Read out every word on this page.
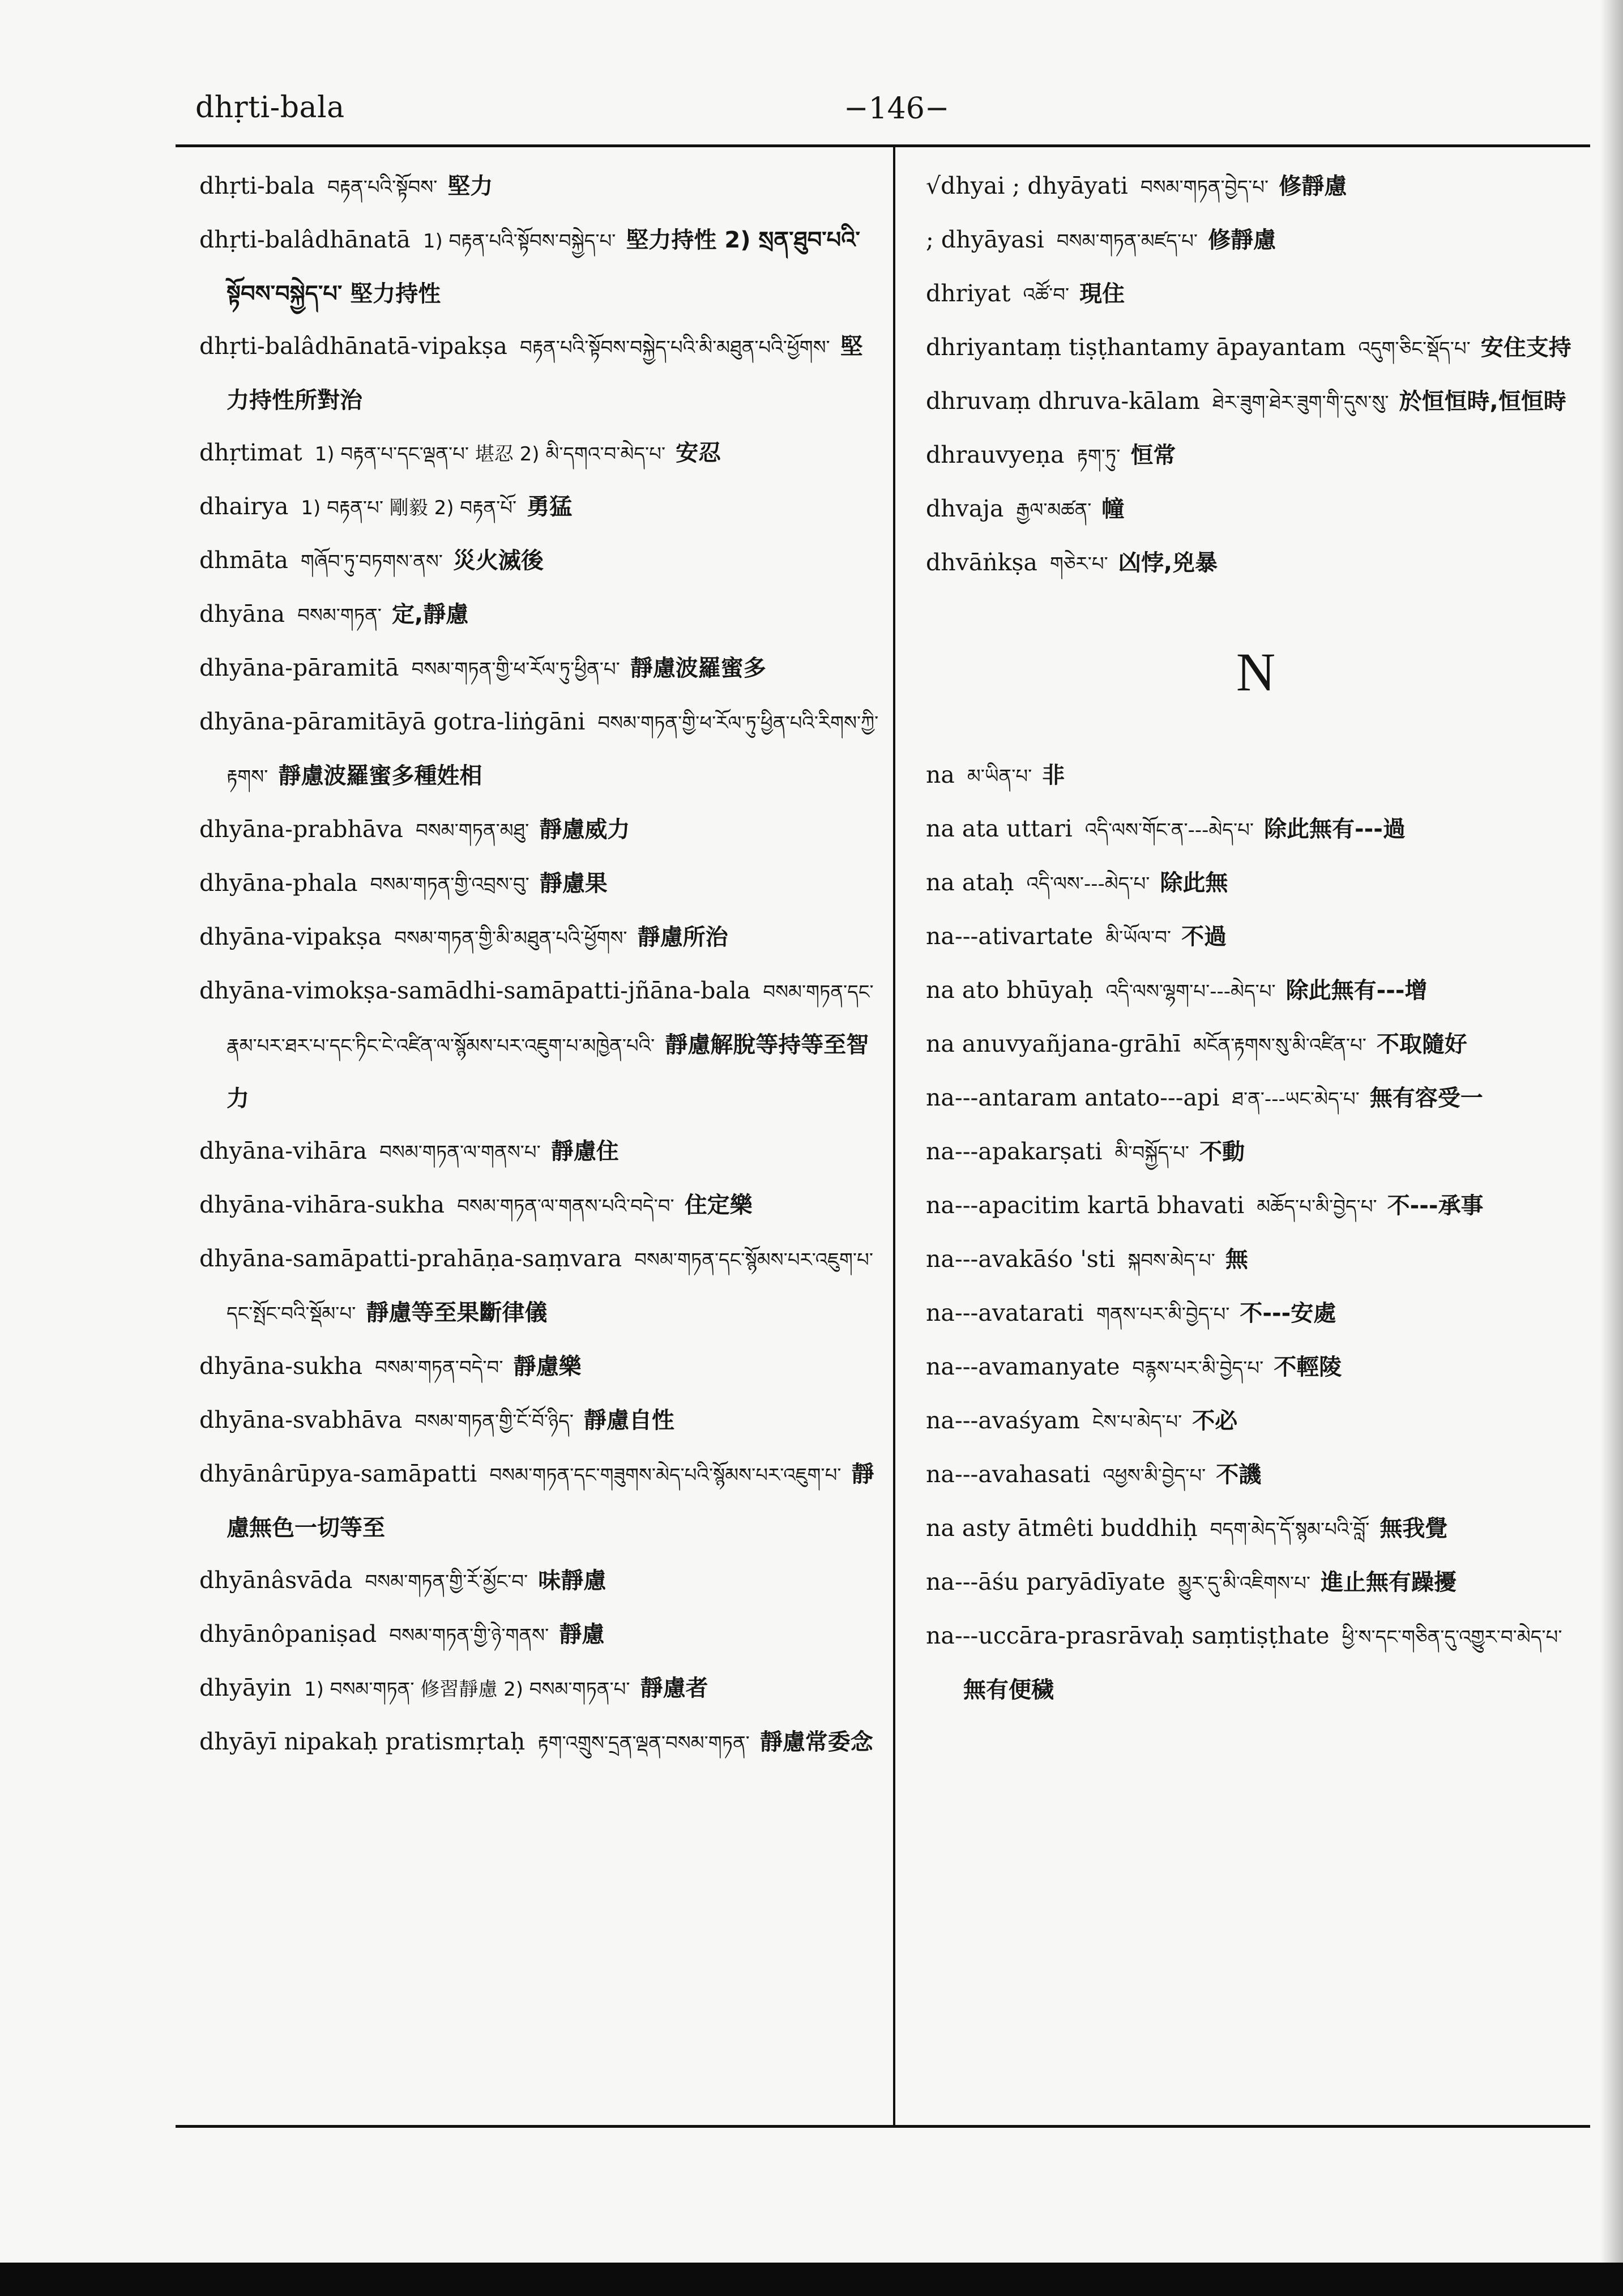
dhṛti-bala	−146−
dhṛti-bala བརྟན་པའི་སྟོབས་ 堅力
dhṛti-balâdhānatā 1) བརྟན་པའི་སྟོབས་བསྐྱེད་པ་ 堅力持性 2) སྲན་ཐུབ་པའི་སྟོབས་བསྐྱེད་པ་ 堅力持性
dhṛti-balâdhānatā-vipakṣa བརྟན་པའི་སྟོབས་བསྐྱེད་པའི་མི་མཐུན་པའི་ཕྱོགས་ 堅力持性所對治
dhṛtimat 1) བརྟན་པ་དང་ལྡན་པ་ 堪忍 2) མི་དགའ་བ་མེད་པ་ 安忍
dhairya 1) བརྟན་པ་ 剛毅 2) བརྟན་པོ་ 勇猛
dhmāta གཞོབ་ཏུ་བཏགས་ནས་ 災火滅後
dhyāna བསམ་གཏན་ 定,靜慮
dhyāna-pāramitā བསམ་གཏན་གྱི་ཕ་རོལ་ཏུ་ཕྱིན་པ་ 靜慮波羅蜜多
dhyāna-pāramitāyā gotra-liṅgāni བསམ་གཏན་གྱི་ཕ་རོལ་ཏུ་ཕྱིན་པའི་རིགས་ཀྱི་རྟགས་ 靜慮波羅蜜多種姓相
dhyāna-prabhāva བསམ་གཏན་མཐུ་ 靜慮威力
dhyāna-phala བསམ་གཏན་གྱི་འབྲས་བུ་ 靜慮果
dhyāna-vipakṣa བསམ་གཏན་གྱི་མི་མཐུན་པའི་ཕྱོགས་ 靜慮所治
dhyāna-vimokṣa-samādhi-samāpatti-jñāna-bala བསམ་གཏན་དང་རྣམ་པར་ཐར་པ་དང་ཏིང་ངེ་འཛིན་ལ་སྙོམས་པར་འཇུག་པ་མཁྱེན་པའི་ 靜慮解脫等持等至智力
dhyāna-vihāra བསམ་གཏན་ལ་གནས་པ་ 靜慮住
dhyāna-vihāra-sukha བསམ་གཏན་ལ་གནས་པའི་བདེ་བ་ 住定樂
dhyāna-samāpatti-prahāṇa-saṃvara བསམ་གཏན་དང་སྙོམས་པར་འཇུག་པ་དང་སྤོང་བའི་སྡོམ་པ་ 靜慮等至果斷律儀
dhyāna-sukha བསམ་གཏན་བདེ་བ་ 靜慮樂
dhyāna-svabhāva བསམ་གཏན་གྱི་ངོ་བོ་ཉིད་ 靜慮自性
dhyānârūpya-samāpatti བསམ་གཏན་དང་གཟུགས་མེད་པའི་སྙོམས་པར་འཇུག་པ་ 靜慮無色一切等至
dhyānâsvāda བསམ་གཏན་གྱི་རོ་མྱོང་བ་ 味靜慮
dhyānôpaniṣad བསམ་གཏན་གྱི་ཉེ་གནས་ 靜慮
dhyāyin 1) བསམ་གཏན་ 修習靜慮 2) བསམ་གཏན་པ་ 靜慮者
dhyāyī nipakaḥ pratismṛtaḥ རྟག་འགྲུས་དྲན་ལྡན་བསམ་གཏན་ 靜慮常委念
√dhyai ; dhyāyati བསམ་གཏན་བྱེད་པ་ 修靜慮
; dhyāyasi བསམ་གཏན་མཛད་པ་ 修靜慮
dhriyat འཚོ་བ་ 現住
dhriyantaṃ tiṣṭhantamy āpayantam འདུག་ཅིང་སྡོད་པ་ 安住支持
dhruvaṃ dhruva-kālam ཐེར་ཟུག་ཐེར་ཟུག་གི་དུས་སུ་ 於恒恒時,恒恒時
dhrauvyeṇa རྟག་ཏུ་ 恒常
dhvaja རྒྱལ་མཚན་ 幢
dhvāṅkṣa གཅེར་པ་ 凶悖,兇暴
N
na མ་ཡིན་པ་ 非
na ata uttari འདི་ལས་གོང་ན་---མེད་པ་ 除此無有---過
na ataḥ འདི་ལས་---མེད་པ་ 除此無
na---ativartate མི་ཡོལ་བ་ 不過
na ato bhūyaḥ འདི་ལས་ལྷག་པ་---མེད་པ་ 除此無有---增
na anuvyañjana-grāhī མངོན་རྟགས་སུ་མི་འཛིན་པ་ 不取隨好
na---antaram antato---api ཐ་ན་---ཡང་མེད་པ་ 無有容受一
na---apakarṣati མི་བསྐྱོད་པ་ 不動
na---apacitim kartā bhavati མཆོད་པ་མི་བྱེད་པ་ 不---承事
na---avakāśo 'sti སྐབས་མེད་པ་ 無
na---avatarati གནས་པར་མི་བྱེད་པ་ 不---安處
na---avamanyate བརྙས་པར་མི་བྱེད་པ་ 不輕陵
na---avaśyam ངེས་པ་མེད་པ་ 不必
na---avahasati འཕྱས་མི་བྱེད་པ་ 不譏
na asty ātmêti buddhiḥ བདག་མེད་དོ་སྙམ་པའི་བློ་ 無我覺
na---āśu paryādīyate མྱུར་དུ་མི་འཇིགས་པ་ 進止無有躁擾
na---uccāra-prasrāvaḥ saṃtiṣṭhate ཕྱི་ས་དང་གཅིན་དུ་འགྱུར་བ་མེད་པ་無有便穢
